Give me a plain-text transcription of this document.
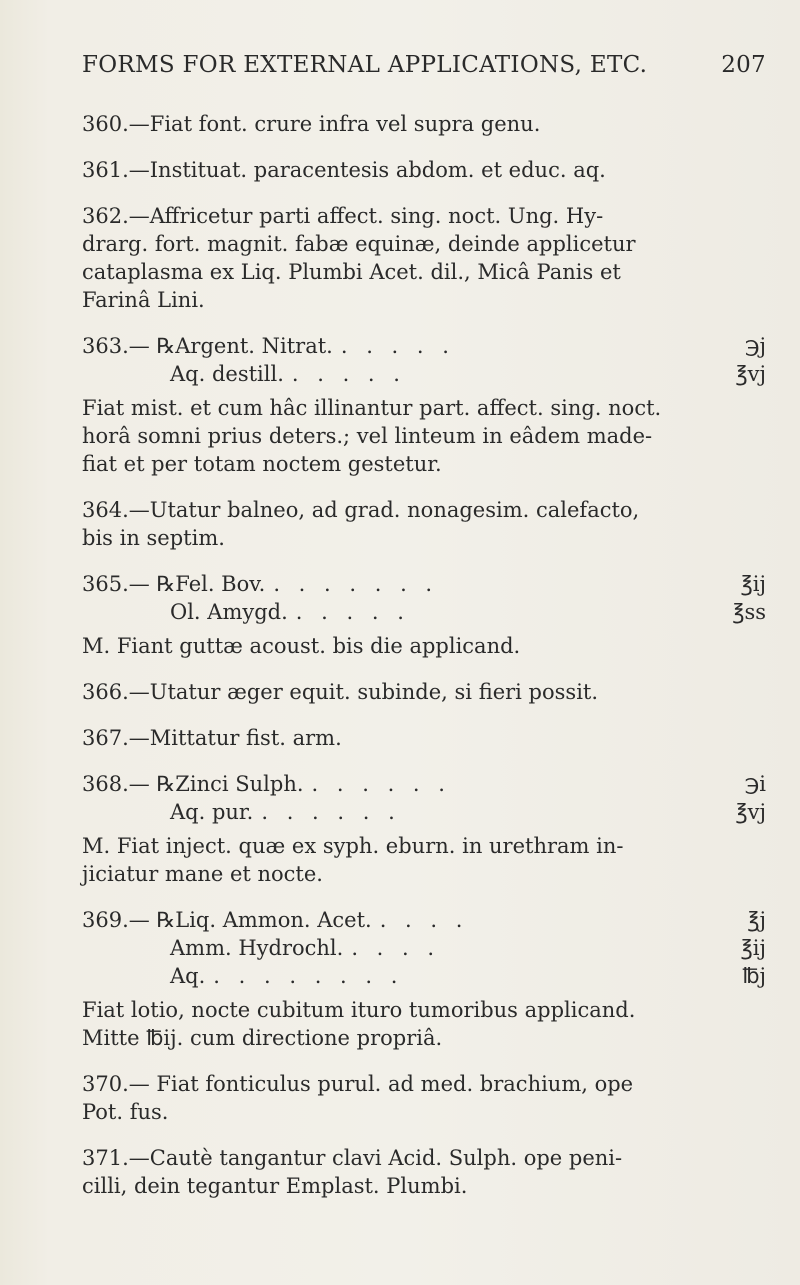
FORMS FOR EXTERNAL APPLICATIONS, ETC.	207
360.—Fiat font. crure infra vel supra genu.
361.—Instituat. paracentesis abdom. et educ. aq.
362.—Affricetur parti affect. sing. noct. Ung. Hy-
drarg. fort. magnit. fabæ equinæ, deinde applicetur
cataplasma ex Liq. Plumbi Acet. dil., Micâ Panis et
Farinâ Lini.
363.— ℞ Argent. Nitrat. . . . . .	℈j
Aq. destill. . . . . .	℥vj
Fiat mist. et cum hâc illinantur part. affect. sing. noct.
horâ somni prius deters.; vel linteum in eâdem made-
fiat et per totam noctem gestetur.
364.—Utatur balneo, ad grad. nonagesim. calefacto,
bis in septim.
365.— ℞ Fel. Bov. . . . . . . .	℥ij
Ol. Amygd. . . . . .	℥ss
M. Fiant guttæ acoust. bis die applicand.
366.—Utatur æger equit. subinde, si fieri possit.
367.—Mittatur fist. arm.
368.— ℞ Zinci Sulph. . . . . . .	℈i
Aq. pur. . . . . . .	℥vj
M. Fiat inject. quæ ex syph. eburn. in urethram in-
jiciatur mane et nocte.
369.— ℞ Liq. Ammon. Acet. . . . .	℥j
Amm. Hydrochl. . . . .	℥ij
Aq. . . . . . . . .	℔j
Fiat lotio, nocte cubitum ituro tumoribus applicand.
Mitte ℔ij. cum directione propriâ.
370.— Fiat fonticulus purul. ad med. brachium, ope
Pot. fus.
371.—Cautè tangantur clavi Acid. Sulph. ope peni-
cilli, dein tegantur Emplast. Plumbi.
